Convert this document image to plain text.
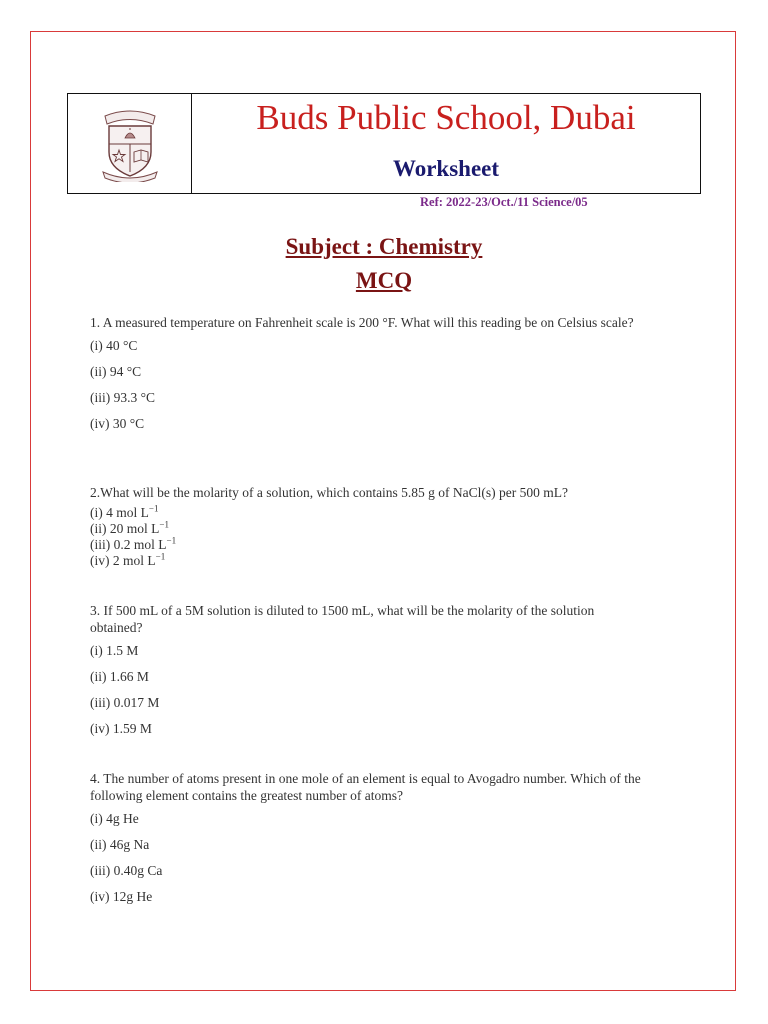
Buds Public School, Dubai
Worksheet
Ref: 2022-23/Oct./11 Science/05
Subject : Chemistry
MCQ

1. A measured temperature on Fahrenheit scale is 200 °F. What will this reading be on Celsius scale?

(i) 40 °C

(ii) 94 °C

(iii) 93.3 °C

(iv) 30 °C

2.What will be the molarity of a solution, which contains 5.85 g of NaCl(s) per 500 mL?

(i) 4 mol $L^{-1}$

(ii) 20 mol $L^{-1}$

(iii) 0.2 mol $L^{-1}$

(iv) 2 mol $L^{-1}$

3. If 500 mL of a 5M solution is diluted to 1500 mL, what will be the molarity of the solution obtained?

(i) 1.5 M

(ii) 1.66 M

(iii) 0.017 M

(iv) 1.59 M

4. The number of atoms present in one mole of an element is equal to Avogadro number. Which of the following element contains the greatest number of atoms?

(i) 4g He

(ii) 46g Na

(iii) 0.40g Ca

(iv) 12g He
